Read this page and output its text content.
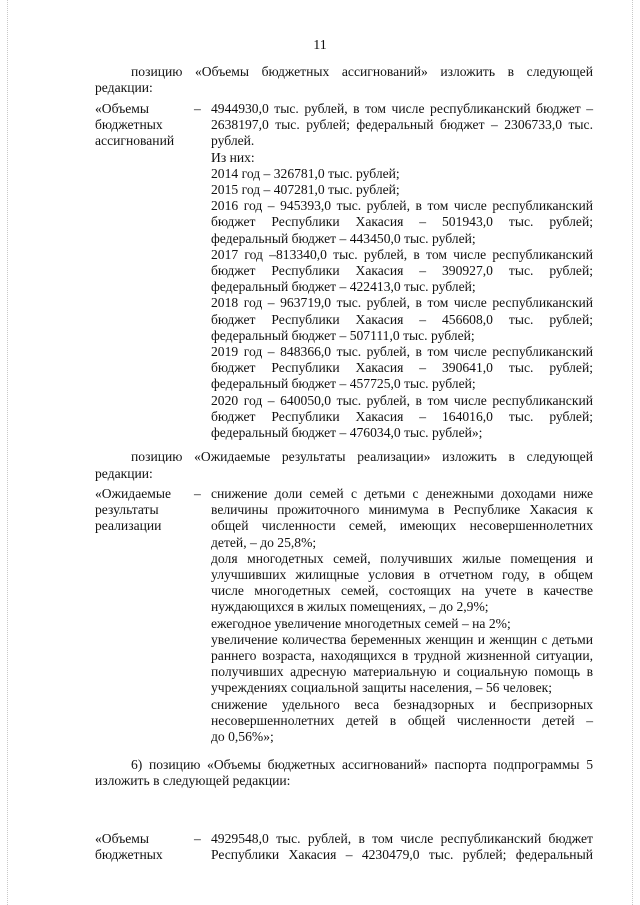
11
позицию «Объемы бюджетных ассигнований» изложить в следующей
редакции:
«Объемы
бюджетных
ассигнований
– 4944930,0 тыс. рублей, в том числе республиканский бюджет –
2638197,0 тыс. рублей; федеральный бюджет – 2306733,0 тыс.
рублей.
Из них:
2014 год – 326781,0 тыс. рублей;
2015 год – 407281,0 тыс. рублей;
2016 год – 945393,0 тыс. рублей, в том числе республиканский
бюджет Республики Хакасия – 501943,0 тыс. рублей;
федеральный бюджет – 443450,0 тыс. рублей;
2017 год –813340,0 тыс. рублей, в том числе республиканский
бюджет Республики Хакасия – 390927,0 тыс. рублей;
федеральный бюджет – 422413,0 тыс. рублей;
2018 год – 963719,0 тыс. рублей, в том числе республиканский
бюджет Республики Хакасия – 456608,0 тыс. рублей;
федеральный бюджет – 507111,0 тыс. рублей;
2019 год – 848366,0 тыс. рублей, в том числе республиканский
бюджет Республики Хакасия – 390641,0 тыс. рублей;
федеральный бюджет – 457725,0 тыс. рублей;
2020 год – 640050,0 тыс. рублей, в том числе республиканский
бюджет Республики Хакасия – 164016,0 тыс. рублей;
федеральный бюджет – 476034,0 тыс. рублей»;
позицию «Ожидаемые результаты реализации» изложить в следующей
редакции:
«Ожидаемые
результаты
реализации
– снижение доли семей с детьми с денежными доходами ниже
величины прожиточного минимума в Республике Хакасия к
общей численности семей, имеющих несовершеннолетних
детей, – до 25,8%;
доля многодетных семей, получивших жилые помещения и
улучшивших жилищные условия в отчетном году, в общем
числе многодетных семей, состоящих на учете в качестве
нуждающихся в жилых помещениях, – до 2,9%;
ежегодное увеличение многодетных семей – на 2%;
увеличение количества беременных женщин и женщин с детьми
раннего возраста, находящихся в трудной жизненной ситуации,
получивших адресную материальную и социальную помощь в
учреждениях социальной защиты населения, – 56 человек;
снижение удельного веса безнадзорных и беспризорных
несовершеннолетних детей в общей численности детей –
до 0,56%»;
6) позицию «Объемы бюджетных ассигнований» паспорта подпрограммы 5
изложить в следующей редакции:
«Объемы
бюджетных
– 4929548,0 тыс. рублей, в том числе республиканский бюджет
Республики Хакасия – 4230479,0 тыс. рублей; федеральный
